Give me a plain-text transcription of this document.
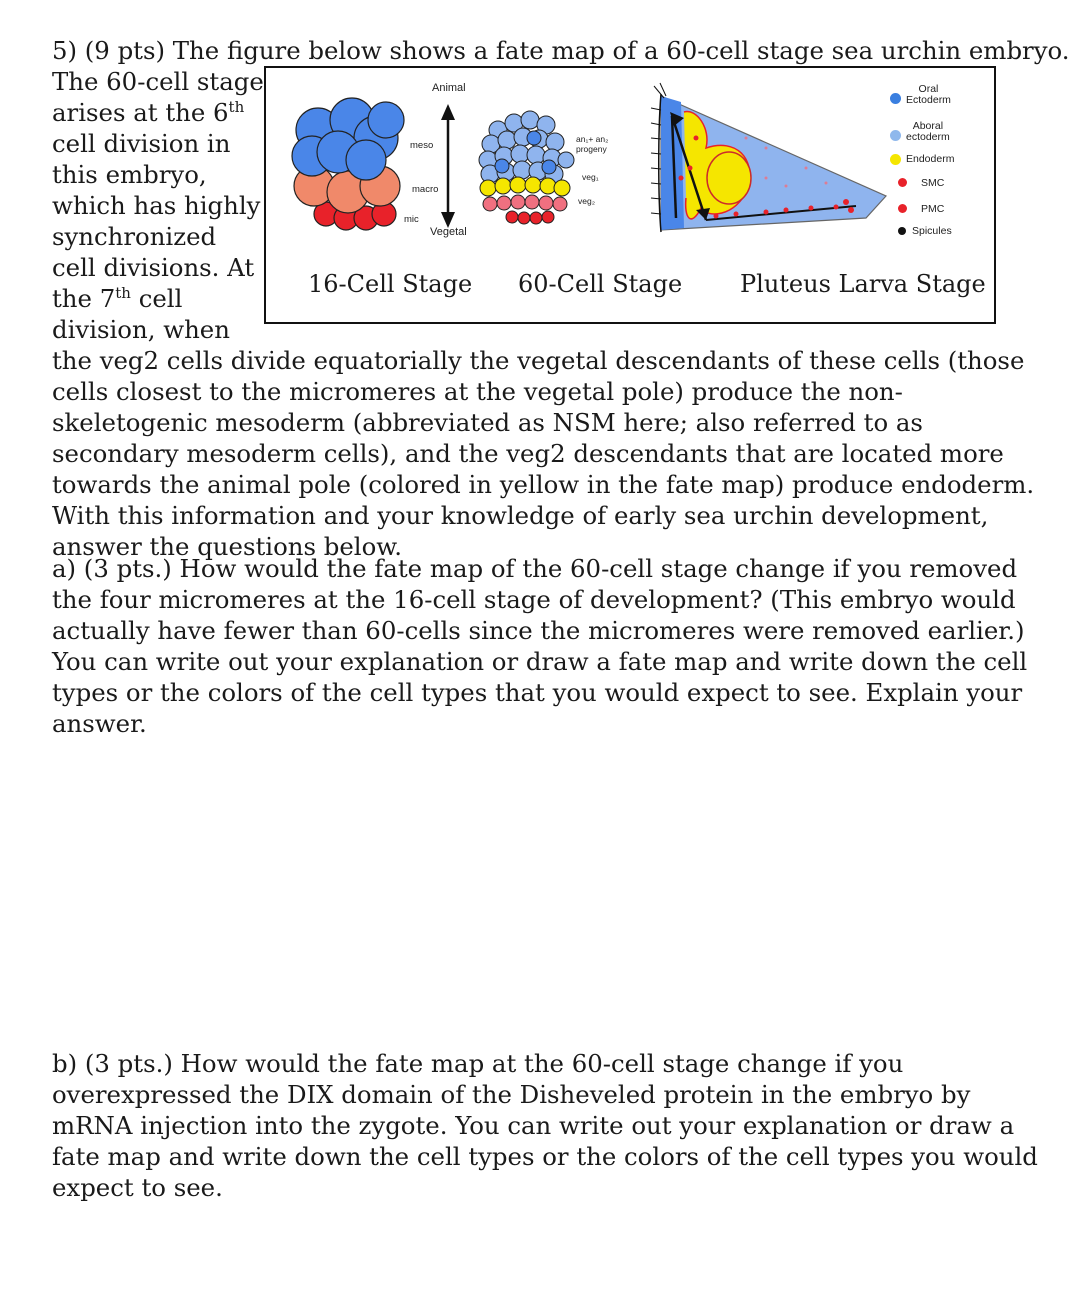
5) (9 pts) The figure below shows a fate map of a 60-cell stage sea urchin embryo.
The 60-cell stage
arises at the 6th
cell division in
this embryo,
which has highly
synchronized
cell divisions. At
the 7th cell
division, when
Animal
Vegetal
meso
macro
mic
an₁+ an₂
progeny
veg₁
veg₂
Oral
Ectoderm
Aboral
ectoderm
Endoderm
SMC
PMC
Spicules
16-Cell Stage 60-Cell Stage Pluteus Larva Stage

the veg2 cells divide equatorially the vegetal descendants of these cells (those cells closest to the micromeres at the vegetal pole) produce the non-skeletogenic mesoderm (abbreviated as NSM here; also referred to as secondary mesoderm cells), and the veg2 descendants that are located more towards the animal pole (colored in yellow in the fate map) produce endoderm. With this information and your knowledge of early sea urchin development, answer the questions below.

a) (3 pts.) How would the fate map of the 60-cell stage change if you removed the four micromeres at the 16-cell stage of development? (This embryo would actually have fewer than 60-cells since the micromeres were removed earlier.) You can write out your explanation or draw a fate map and write down the cell types or the colors of the cell types that you would expect to see. Explain your answer.

b) (3 pts.) How would the fate map at the 60-cell stage change if you overexpressed the DIX domain of the Disheveled protein in the embryo by mRNA injection into the zygote. You can write out your explanation or draw a fate map and write down the cell types or the colors of the cell types you would expect to see.
